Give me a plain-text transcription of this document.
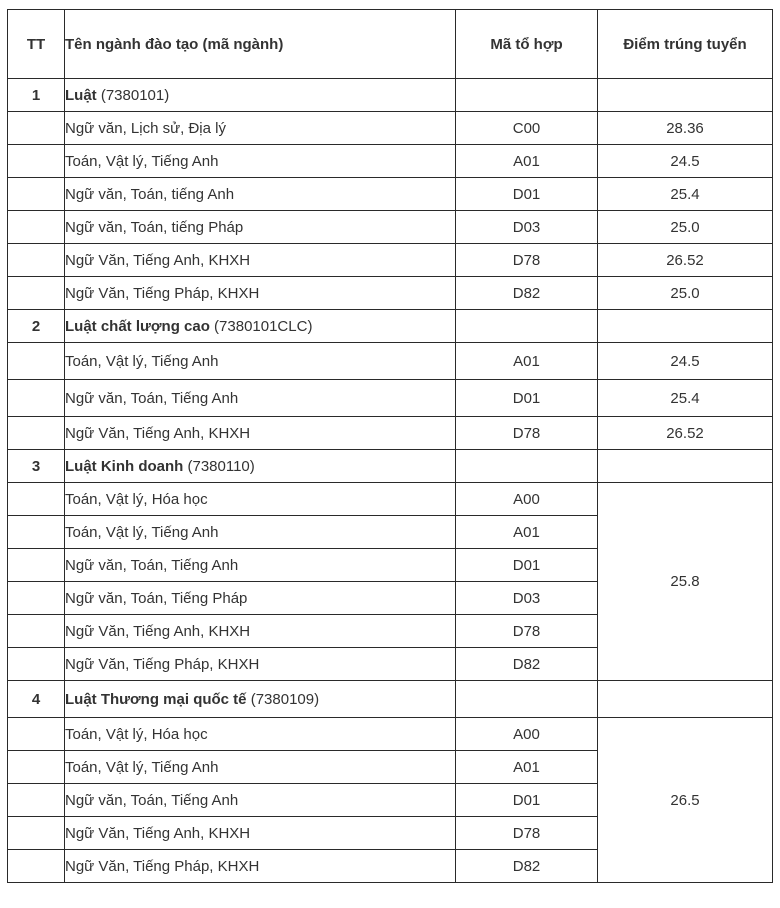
TT	Tên ngành đào tạo (mã ngành)	Mã tổ hợp	Điểm trúng tuyển
1	Luật (7380101)		
	Ngữ văn, Lịch sử, Địa lý	C00	28.36
	Toán, Vật lý, Tiếng Anh	A01	24.5
	Ngữ văn, Toán, tiếng Anh	D01	25.4
	Ngữ văn, Toán, tiếng Pháp	D03	25.0
	Ngữ Văn, Tiếng Anh, KHXH	D78	26.52
	Ngữ Văn, Tiếng Pháp, KHXH	D82	25.0
2	Luật chất lượng cao (7380101CLC)		
	Toán, Vật lý, Tiếng Anh	A01	24.5
	Ngữ văn, Toán, Tiếng Anh	D01	25.4
	Ngữ Văn, Tiếng Anh, KHXH	D78	26.52
3	Luật Kinh doanh (7380110)		
	Toán, Vật lý, Hóa học	A00	25.8
	Toán, Vật lý, Tiếng Anh	A01	
	Ngữ văn, Toán, Tiếng Anh	D01	
	Ngữ văn, Toán, Tiếng Pháp	D03	
	Ngữ Văn, Tiếng Anh, KHXH	D78	
	Ngữ Văn, Tiếng Pháp, KHXH	D82	
4	Luật Thương mại quốc tế (7380109)		
	Toán, Vật lý, Hóa học	A00	26.5
	Toán, Vật lý, Tiếng Anh	A01	
	Ngữ văn, Toán, Tiếng Anh	D01	
	Ngữ Văn, Tiếng Anh, KHXH	D78	
	Ngữ Văn, Tiếng Pháp, KHXH	D82	
